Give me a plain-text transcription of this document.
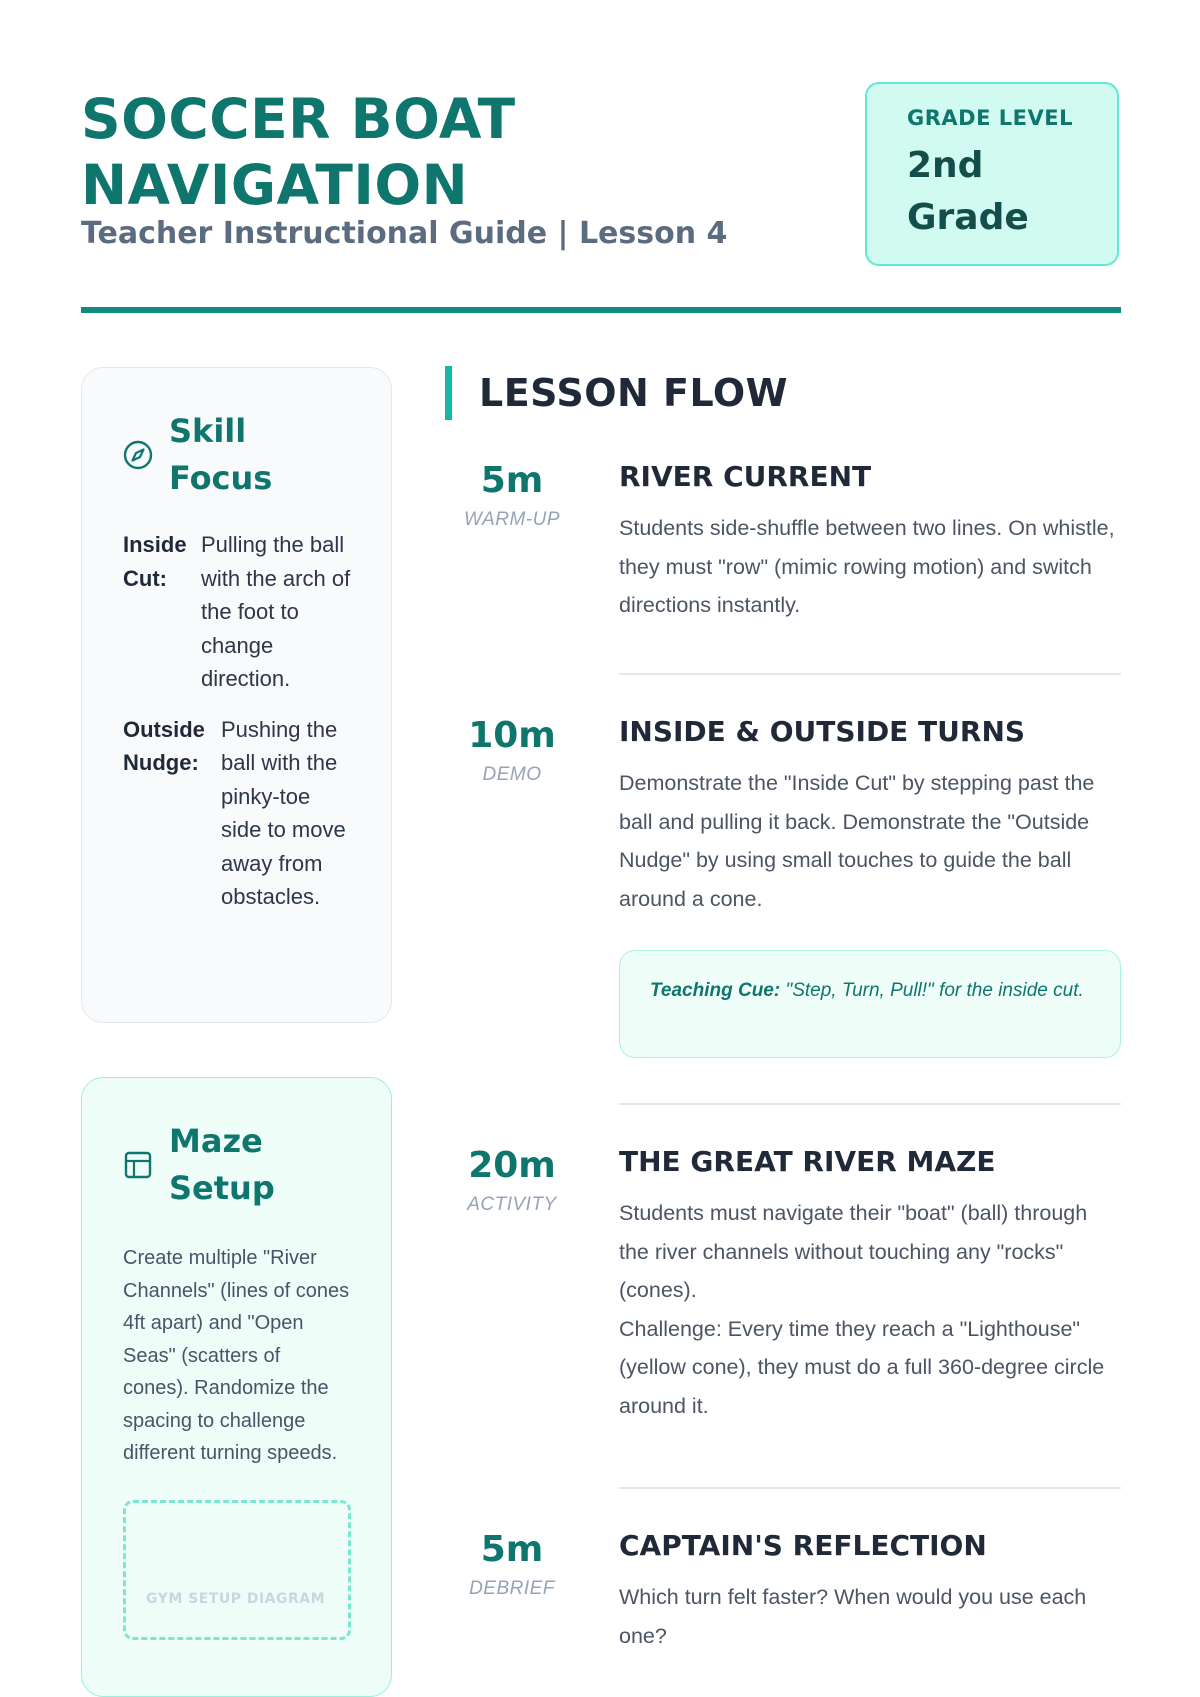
SOCCER BOAT NAVIGATION
Teacher Instructional Guide | Lesson 4
GRADE LEVEL
2nd Grade
Skill Focus
Inside Cut:
Pulling the ball with the arch of the foot to change direction.
Outside Nudge:
Pushing the ball with the pinky-toe side to move away from obstacles.
Maze Setup
Create multiple "River Channels" (lines of cones 4ft apart) and "Open Seas" (scatters of cones). Randomize the spacing to challenge different turning speeds.
GYM SETUP DIAGRAM
LESSON FLOW
5m
WARM-UP
RIVER CURRENT
Students side-shuffle between two lines. On whistle, they must "row" (mimic rowing motion) and switch directions instantly.
10m
DEMO
INSIDE & OUTSIDE TURNS
Demonstrate the "Inside Cut" by stepping past the ball and pulling it back. Demonstrate the "Outside Nudge" by using small touches to guide the ball around a cone.
Teaching Cue: "Step, Turn, Pull!" for the inside cut.
20m
ACTIVITY
THE GREAT RIVER MAZE
Students must navigate their "boat" (ball) through the river channels without touching any "rocks" (cones).
Challenge: Every time they reach a "Lighthouse" (yellow cone), they must do a full 360-degree circle around it.
5m
DEBRIEF
CAPTAIN'S REFLECTION
Which turn felt faster? When would you use each one?
